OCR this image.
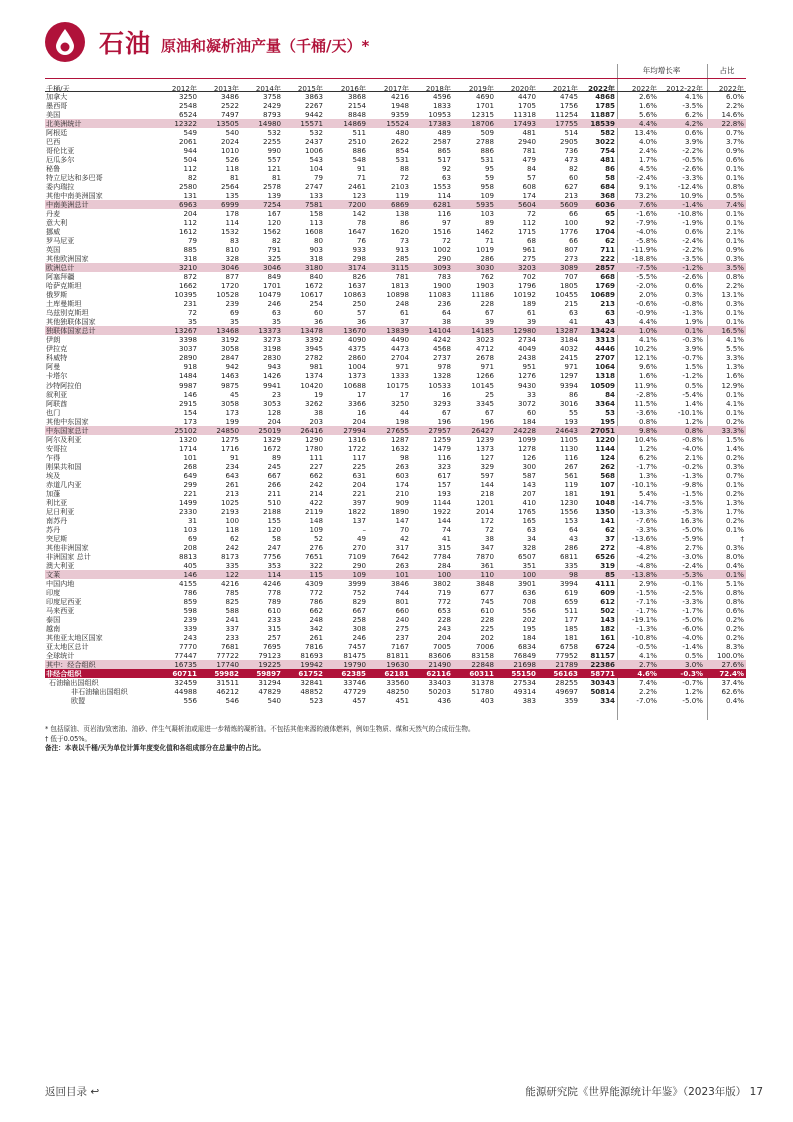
石油 原油和凝析油产量（千桶/天）*
年均增长率	占比
千桶/天	2012年 2013年 2014年 2015年	2016年	2017年 2018年	2019年 2020年 2021年 2022年 2022年 2012-22年 2022年
加拿大	3250	3486	3758	3863	3868	4216	4596	4690	4470	4745 4868	2.6%	4.1%	6.0%
墨西哥	2548	2522	2429	2267	2154	1948	1833	1701	1705	1756 1785	1.6%	-3.5%	2.2%
美国	6524	7497	8793	9442	8848	9359	10953	12315	11318	11254 11887	5.6%	6.2%	14.6%
北美洲统计	12322	13505	14980	15571	14869	15524	17383	18706	17493	17755 18539	4.4%	4.2%	22.8%
阿根廷	549	540	532	532	511	480	489	509	481	514	582	13.4%	0.6%	0.7%
巴西	2061	2024	2255	2437	2510	2622	2587	2788	2940	2905 3022	4.0%	3.9%	3.7%
哥伦比亚	944	1010	990	1006	886	854	865	886	781	736	754	2.4%	-2.2%	0.9%
厄瓜多尔	504	526	557	543	548	531	517	531	479	473	481	1.7%	-0.5%	0.6%
秘鲁	112	118	121	104	91	88	92	95	84	82	86	4.5%	-2.6%	0.1%
特立尼达和多巴哥	82	81	81	79	71	72	63	59	57	60	58	-2.4%	-3.3%	0.1%
委内瑞拉	2580	2564	2578	2747	2461	2103	1553	958	608	627	684	9.1%	-12.4%	0.8%
其他中南美洲国家	131	135	139	133	123	119	114	109	174	213	368	73.2%	10.9%	0.5%
中南美洲总计	6963	6999	7254	7581	7200	6869	6281	5935	5604	5609 6036	7.6%	-1.4%	7.4%
丹麦	204	178	167	158	142	138	116	103	72	66	65	-1.6%	-10.8%	0.1%
意大利	112	114	120	113	78	86	97	89	112	100	92	-7.9%	-1.9%	0.1%
挪威	1612	1532	1562	1608	1647	1620	1516	1462	1715	1776 1704	-4.0%	0.6%	2.1%
罗马尼亚	79	83	82	80	76	73	72	71	68	66	62	-5.8%	-2.4%	0.1%
英国	885	810	791	903	933	913	1002	1019	961	807	711 -11.9%	-2.2%	0.9%
其他欧洲国家	318	328	325	318	298	285	290	286	275	273	222 -18.8%	-3.5%	0.3%
欧洲总计	3210	3046	3046	3180	3174	3115	3093	3030	3203	3089 2857	-7.5%	-1.2%	3.5%
阿塞拜疆	872	877	849	840	826	781	783	762	702	707	668	-5.5%	-2.6%	0.8%
哈萨克斯坦	1662	1720	1701	1672	1637	1813	1900	1903	1796	1805 1769	-2.0%	0.6%	2.2%
俄罗斯	10395	10528	10479	10617	10863	10898	11083	11186	10192	10455 10689	2.0%	0.3%	13.1%
土库曼斯坦	231	239	246	254	250	248	236	228	189	215	213	-0.6%	-0.8%	0.3%
乌兹别克斯坦	72	69	63	60	57	61	64	67	61	63	63	-0.9%	-1.3%	0.1%
其他独联体国家	35	35	35	36	36	37	38	39	39	41	43	4.4%	1.9%	0.1%
独联体国家总计	13267	13468	13373	13478	13670	13839	14104	14185	12980	13287 13424	1.0%	0.1%	16.5%
伊朗	3398	3192	3273	3392	4090	4490	4242	3023	2734	3184 3313	4.1%	-0.3%	4.1%
伊拉克	3037	3058	3198	3945	4375	4473	4568	4712	4049	4032 4446	10.2%	3.9%	5.5%
科威特	2890	2847	2830	2782	2860	2704	2737	2678	2438	2415 2707	12.1%	-0.7%	3.3%
阿曼	918	942	943	981	1004	971	978	971	951	971 1064	9.6%	1.5%	1.3%
卡塔尔	1484	1463	1426	1374	1373	1333	1328	1266	1276	1297 1318	1.6%	-1.2%	1.6%
沙特阿拉伯	9987	9875	9941	10420	10688	10175	10533	10145	9430	9394 10509	11.9%	0.5%	12.9%
叙利亚	146	45	23	19	17	17	16	25	33	86	84	-2.8%	-5.4%	0.1%
阿联酋	2915	3058	3053	3262	3366	3250	3293	3345	3072	3016 3364	11.5%	1.4%	4.1%
也门	154	173	128	38	16	44	67	67	60	55	53	-3.6%	-10.1%	0.1%
其他中东国家	173	199	204	203	204	198	196	196	184	193	195	0.8%	1.2%	0.2%
中东国家总计	25102	24850	25019	26416	27994	27655	27957	26427	24228	24643 27051	9.8%	0.8%	33.3%
阿尔及利亚	1320	1275	1329	1290	1316	1287	1259	1239	1099	1105 1220	10.4%	-0.8%	1.5%
安哥拉	1714	1716	1672	1780	1722	1632	1479	1373	1278	1130 1144	1.2%	-4.0%	1.4%
乍得	101	91	89	111	117	98	116	127	126	116	124	6.2%	2.1%	0.2%
刚果共和国	268	234	245	227	225	263	323	329	300	267	262	-1.7%	-0.2%	0.3%
埃及	649	643	667	662	631	603	617	597	587	561	568	1.3%	-1.3%	0.7%
赤道几内亚	299	261	266	242	204	174	157	144	143	119	107 -10.1%	-9.8%	0.1%
加蓬	221	213	211	214	221	210	193	218	207	181	191	5.4%	-1.5%	0.2%
利比亚	1499	1025	510	422	397	909	1144	1201	410	1230 1048 -14.7%	-3.5%	1.3%
尼日利亚	2330	2193	2188	2119	1822	1890	1922	2014	1765	1556 1350 -13.3%	-5.3%	1.7%
南苏丹	31	100	155	148	137	147	144	172	165	153	141	-7.6%	16.3%	0.2%
苏丹	103	118	120	109	–	70	74	72	63	64	62	-3.3%	-5.0%	0.1%
突尼斯	69	62	58	52	49	42	41	38	34	43	37 -13.6%	-5.9%	†
其他非洲国家	208	242	247	276	270	317	315	347	328	286	272	-4.8%	2.7%	0.3%
非洲国家 总计	8813	8173	7756	7651	7109	7642	7784	7870	6507	6811 6526	-4.2%	-3.0%	8.0%
澳大利亚	405	335	353	322	290	263	284	361	351	335	319	-4.8%	-2.4%	0.4%
文莱	146	122	114	115	109	101	100	110	100	98	85 -13.8%	-5.3%	0.1%
中国内地	4155	4216	4246	4309	3999	3846	3802	3848	3901	3994 4111	2.9%	-0.1%	5.1%
印度	786	785	778	772	752	744	719	677	636	619	609	-1.5%	-2.5%	0.8%
印度尼西亚	859	825	789	786	829	801	772	745	708	659	612	-7.1%	-3.3%	0.8%
马来西亚	598	588	610	662	667	660	653	610	556	511	502	-1.7%	-1.7%	0.6%
泰国	239	241	233	248	258	240	228	228	202	177	143 -19.1%	-5.0%	0.2%
越南	339	337	315	342	308	275	243	225	195	185	182	-1.3%	-6.0%	0.2%
其他亚太地区国家	243	233	257	261	246	237	204	202	184	181	161 -10.8%	-4.0%	0.2%
亚太地区总计	7770	7681	7695	7816	7457	7167	7005	7006	6834	6758 6724	-0.5%	-1.4%	8.3%
全球统计	77447	77722	79123	81693	81475	81811	83606	83158	76849	77952 81157	4.1%	0.5% 100.0%
其中：经合组织	16735	17740	19225	19942	19790	19630	21490	22848	21698	21789 22386	2.7%	3.0%	27.6%
非经合组织	60711 59982 59897 61752	62385	62181 62116	60311 55150 56163 58771	4.6%	-0.3% 72.4%
石油输出国组织	32459	31511	31294	32841	33746	33560	33403	31378	27534	28255 30343	7.4%	-0.7%	37.4%
非石油输出国组织	44988	46212	47829	48852	47729	48250	50203	51780	49314	49697 50814	2.2%	1.2%	62.6%
欧盟	556	546	540	523	457	451	436	403	383	359	334	-7.0%	-5.0%	0.4%
* 包括原油、页岩油/致密油、油砂、伴生气凝析油或需进一步精炼的凝析油。不包括其他来源的液体燃料，例如生物质、煤和天然气的合成衍生物。
† 低于0.05%。
备注：本表以千桶/天为单位计算年度变化值和各组成部分在总量中的占比。
返回目录 ↩	能源研究院《世界能源统计年鉴》（2023年版） 17
